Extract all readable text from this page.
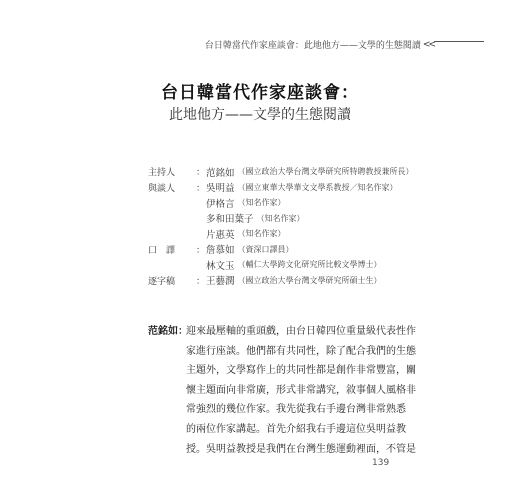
台日韓當代作家座談會：此地他方——文學的生態閱讀 <<
台日韓當代作家座談會：
此地他方——文學的生態閱讀
主持人	： 范銘如 （國立政治大學台灣文學研究所特聘教授兼所長）
與談人	： 吳明益 （國立東華大學華文文學系教授／知名作家）
伊格言 （知名作家）
多和田葉子 （知名作家）
片惠英 （知名作家）
口　譯	： 詹慕如 （資深口譯員）
林文玉 （輔仁大學跨文化研究所比較文學博士）
逐字稿	： 王藝潤 （國立政治大學台灣文學研究所碩士生）
范銘如：
迎來最壓軸的重頭戲，由台日韓四位重量級代表性作
家進行座談。他們都有共同性，除了配合我們的生態
主題外，文學寫作上的共同性都是創作非常豐富，關
懷主題面向非常廣，形式非常講究，敘事個人風格非
常強烈的幾位作家。我先從我右手邊台灣非常熟悉
的兩位作家講起。首先介紹我右手邊這位吳明益教
授。吳明益教授是我們在台灣生態運動裡面，不管是
139
